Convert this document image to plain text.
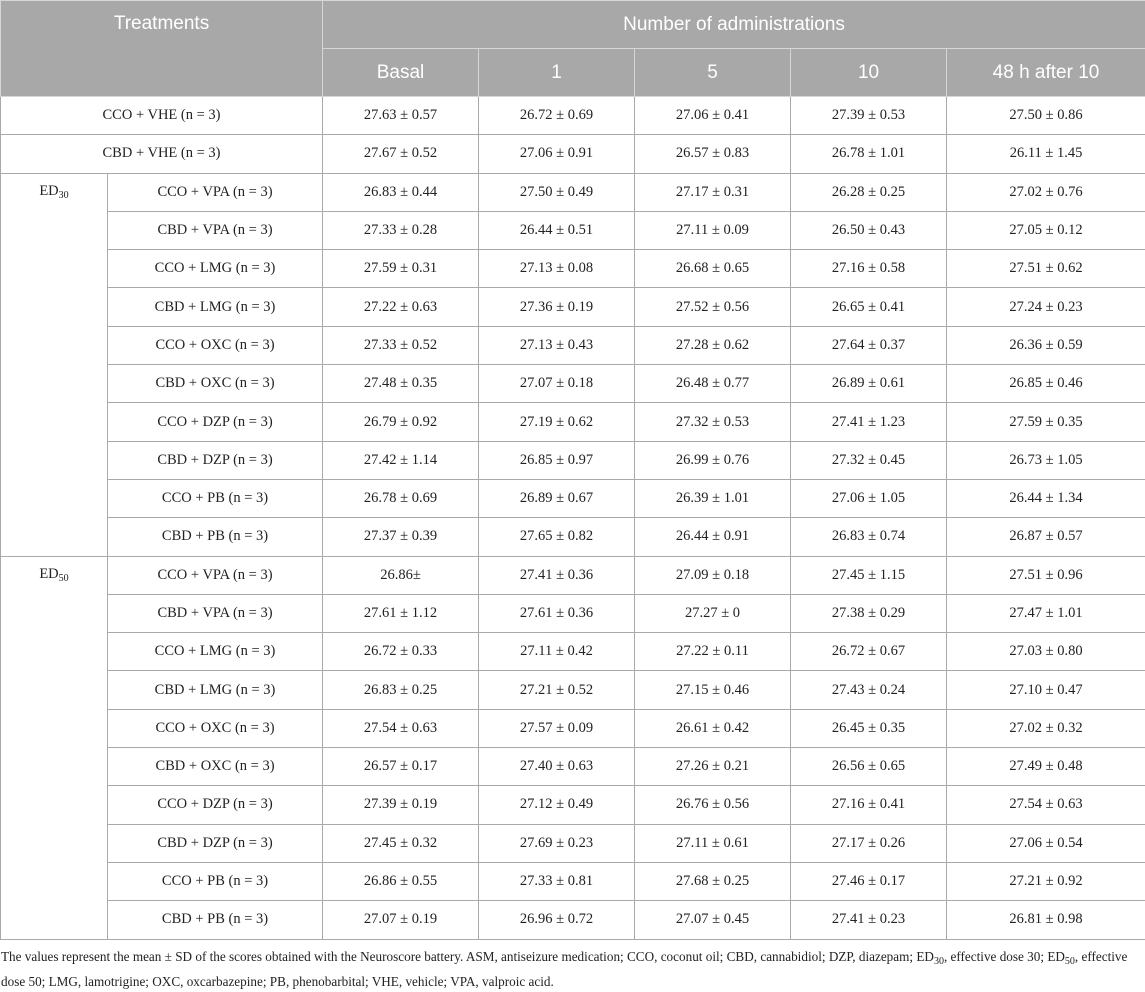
Treatments		Number of administrations				
		Basal	1	5	10	48 h after 10
CCO + VHE (n = 3)		27.63 ± 0.57	26.72 ± 0.69	27.06 ± 0.41	27.39 ± 0.53	27.50 ± 0.86
CBD + VHE (n = 3)		27.67 ± 0.52	27.06 ± 0.91	26.57 ± 0.83	26.78 ± 1.01	26.11 ± 1.45
$ED_{30}$	CCO + VPA (n = 3)	26.83 ± 0.44	27.50 ± 0.49	27.17 ± 0.31	26.28 ± 0.25	27.02 ± 0.76
	CBD + VPA (n = 3)	27.33 ± 0.28	26.44 ± 0.51	27.11 ± 0.09	26.50 ± 0.43	27.05 ± 0.12
	CCO + LMG (n = 3)	27.59 ± 0.31	27.13 ± 0.08	26.68 ± 0.65	27.16 ± 0.58	27.51 ± 0.62
	CBD + LMG (n = 3)	27.22 ± 0.63	27.36 ± 0.19	27.52 ± 0.56	26.65 ± 0.41	27.24 ± 0.23
	CCO + OXC (n = 3)	27.33 ± 0.52	27.13 ± 0.43	27.28 ± 0.62	27.64 ± 0.37	26.36 ± 0.59
	CBD + OXC (n = 3)	27.48 ± 0.35	27.07 ± 0.18	26.48 ± 0.77	26.89 ± 0.61	26.85 ± 0.46
	CCO + DZP (n = 3)	26.79 ± 0.92	27.19 ± 0.62	27.32 ± 0.53	27.41 ± 1.23	27.59 ± 0.35
	CBD + DZP (n = 3)	27.42 ± 1.14	26.85 ± 0.97	26.99 ± 0.76	27.32 ± 0.45	26.73 ± 1.05
	CCO + PB (n = 3)	26.78 ± 0.69	26.89 ± 0.67	26.39 ± 1.01	27.06 ± 1.05	26.44 ± 1.34
	CBD + PB (n = 3)	27.37 ± 0.39	27.65 ± 0.82	26.44 ± 0.91	26.83 ± 0.74	26.87 ± 0.57
$ED_{50}$	CCO + VPA (n = 3)	26.86±	27.41 ± 0.36	27.09 ± 0.18	27.45 ± 1.15	27.51 ± 0.96
	CBD + VPA (n = 3)	27.61 ± 1.12	27.61 ± 0.36	27.27 ± 0	27.38 ± 0.29	27.47 ± 1.01
	CCO + LMG (n = 3)	26.72 ± 0.33	27.11 ± 0.42	27.22 ± 0.11	26.72 ± 0.67	27.03 ± 0.80
	CBD + LMG (n = 3)	26.83 ± 0.25	27.21 ± 0.52	27.15 ± 0.46	27.43 ± 0.24	27.10 ± 0.47
	CCO + OXC (n = 3)	27.54 ± 0.63	27.57 ± 0.09	26.61 ± 0.42	26.45 ± 0.35	27.02 ± 0.32
	CBD + OXC (n = 3)	26.57 ± 0.17	27.40 ± 0.63	27.26 ± 0.21	26.56 ± 0.65	27.49 ± 0.48
	CCO + DZP (n = 3)	27.39 ± 0.19	27.12 ± 0.49	26.76 ± 0.56	27.16 ± 0.41	27.54 ± 0.63
	CBD + DZP (n = 3)	27.45 ± 0.32	27.69 ± 0.23	27.11 ± 0.61	27.17 ± 0.26	27.06 ± 0.54
	CCO + PB (n = 3)	26.86 ± 0.55	27.33 ± 0.81	27.68 ± 0.25	27.46 ± 0.17	27.21 ± 0.92
	CBD + PB (n = 3)	27.07 ± 0.19	26.96 ± 0.72	27.07 ± 0.45	27.41 ± 0.23	26.81 ± 0.98

The values represent the mean ± SD of the scores obtained with the Neuroscore battery. ASM, antiseizure medication; CCO, coconut oil; CBD, cannabidiol; DZP, diazepam; $ED_{30}$, effective dose 30; $ED_{50}$, effective dose 50; LMG, lamotrigine; OXC, oxcarbazepine; PB, phenobarbital; VHE, vehicle; VPA, valproic acid.
